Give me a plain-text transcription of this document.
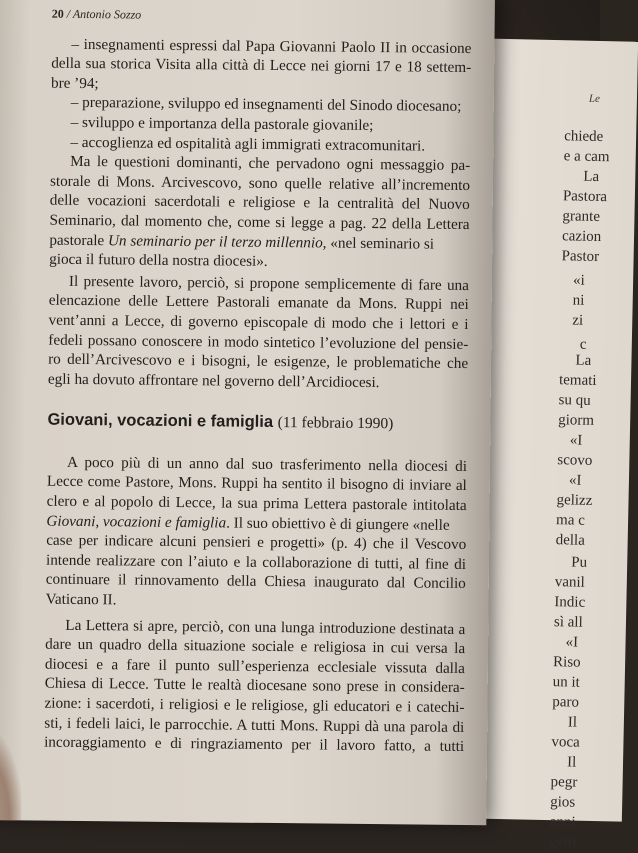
Le
chiede
e a cam
La
Pastora
grante
cazion
Pastor
«i
ni
zi
c
La
temati
su qu
giorm
«I
scovo
«I
gelizz
ma c
della
Pu
vanil
Indic
sì all
«I
Riso
un it
paro
Il
voca
Il
pegr
gios
anni
getti
20 / Antonio Sozzo
– insegnamenti espressi dal Papa Giovanni Paolo II in occasione
della sua storica Visita alla città di Lecce nei giorni 17 e 18 settem-
bre ’94;
– preparazione, sviluppo ed insegnamenti del Sinodo diocesano;
– sviluppo e importanza della pastorale giovanile;
– accoglienza ed ospitalità agli immigrati extracomunitari.
Ma le questioni dominanti, che pervadono ogni messaggio pa-
storale di Mons. Arcivescovo, sono quelle relative all’incremento
delle vocazioni sacerdotali e religiose e la centralità del Nuovo
Seminario, dal momento che, come si legge a pag. 22 della Lettera
pastorale Un seminario per il terzo millennio, «nel seminario si
gioca il futuro della nostra diocesi».
Il presente lavoro, perciò, si propone semplicemente di fare una
elencazione delle Lettere Pastorali emanate da Mons. Ruppi nei
vent’anni a Lecce, di governo episcopale di modo che i lettori e i
fedeli possano conoscere in modo sintetico l’evoluzione del pensie-
ro dell’Arcivescovo e i bisogni, le esigenze, le problematiche che
egli ha dovuto affrontare nel governo dell’Arcidiocesi.
Giovani, vocazioni e famiglia (11 febbraio 1990)
A poco più di un anno dal suo trasferimento nella diocesi di
Lecce come Pastore, Mons. Ruppi ha sentito il bisogno di inviare al
clero e al popolo di Lecce, la sua prima Lettera pastorale intitolata
Giovani, vocazioni e famiglia. Il suo obiettivo è di giungere «nelle
case per indicare alcuni pensieri e progetti» (p. 4) che il Vescovo
intende realizzare con l’aiuto e la collaborazione di tutti, al fine di
continuare il rinnovamento della Chiesa inaugurato dal Concilio
Vaticano II.
La Lettera si apre, perciò, con una lunga introduzione destinata a
dare un quadro della situazione sociale e religiosa in cui versa la
diocesi e a fare il punto sull’esperienza ecclesiale vissuta dalla
Chiesa di Lecce. Tutte le realtà diocesane sono prese in considera-
zione: i sacerdoti, i religiosi e le religiose, gli educatori e i catechi-
sti, i fedeli laici, le parrocchie. A tutti Mons. Ruppi dà una parola di
incoraggiamento e di ringraziamento per il lavoro fatto, a tutti
